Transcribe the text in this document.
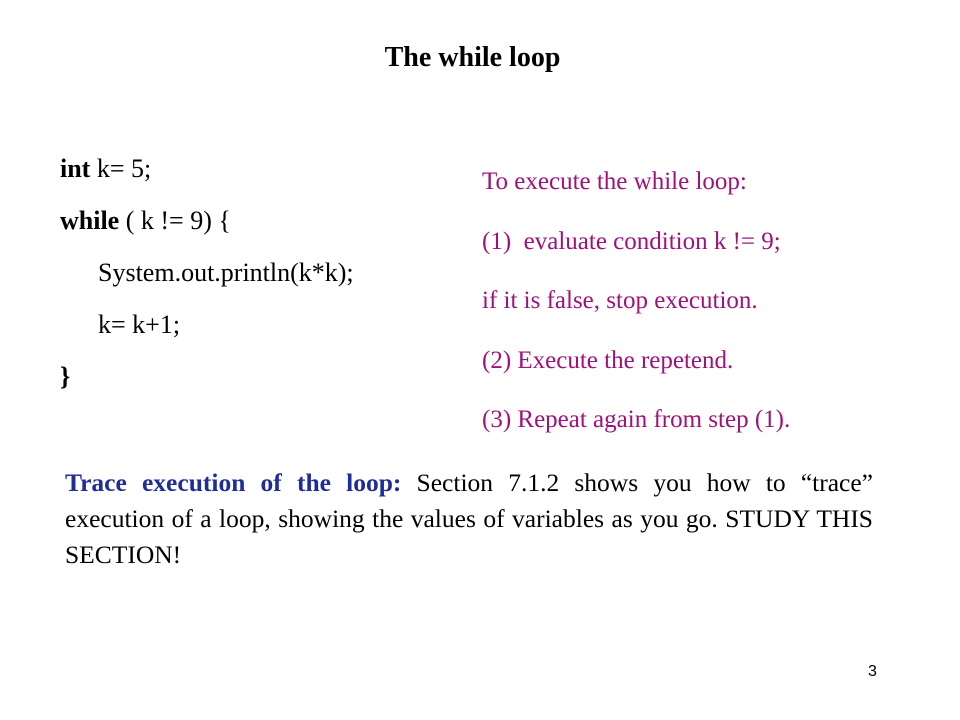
The while loop
int k= 5;
while ( k != 9) {
System.out.println(k*k);
k= k+1;
}
To execute the while loop:
(1)  evaluate condition k != 9;
if it is false, stop execution.
(2) Execute the repetend.
(3) Repeat again from step (1).
Trace execution of the loop: Section 7.1.2 shows you how to “trace” execution of a loop, showing the values of variables as you go. STUDY THIS SECTION!
3
